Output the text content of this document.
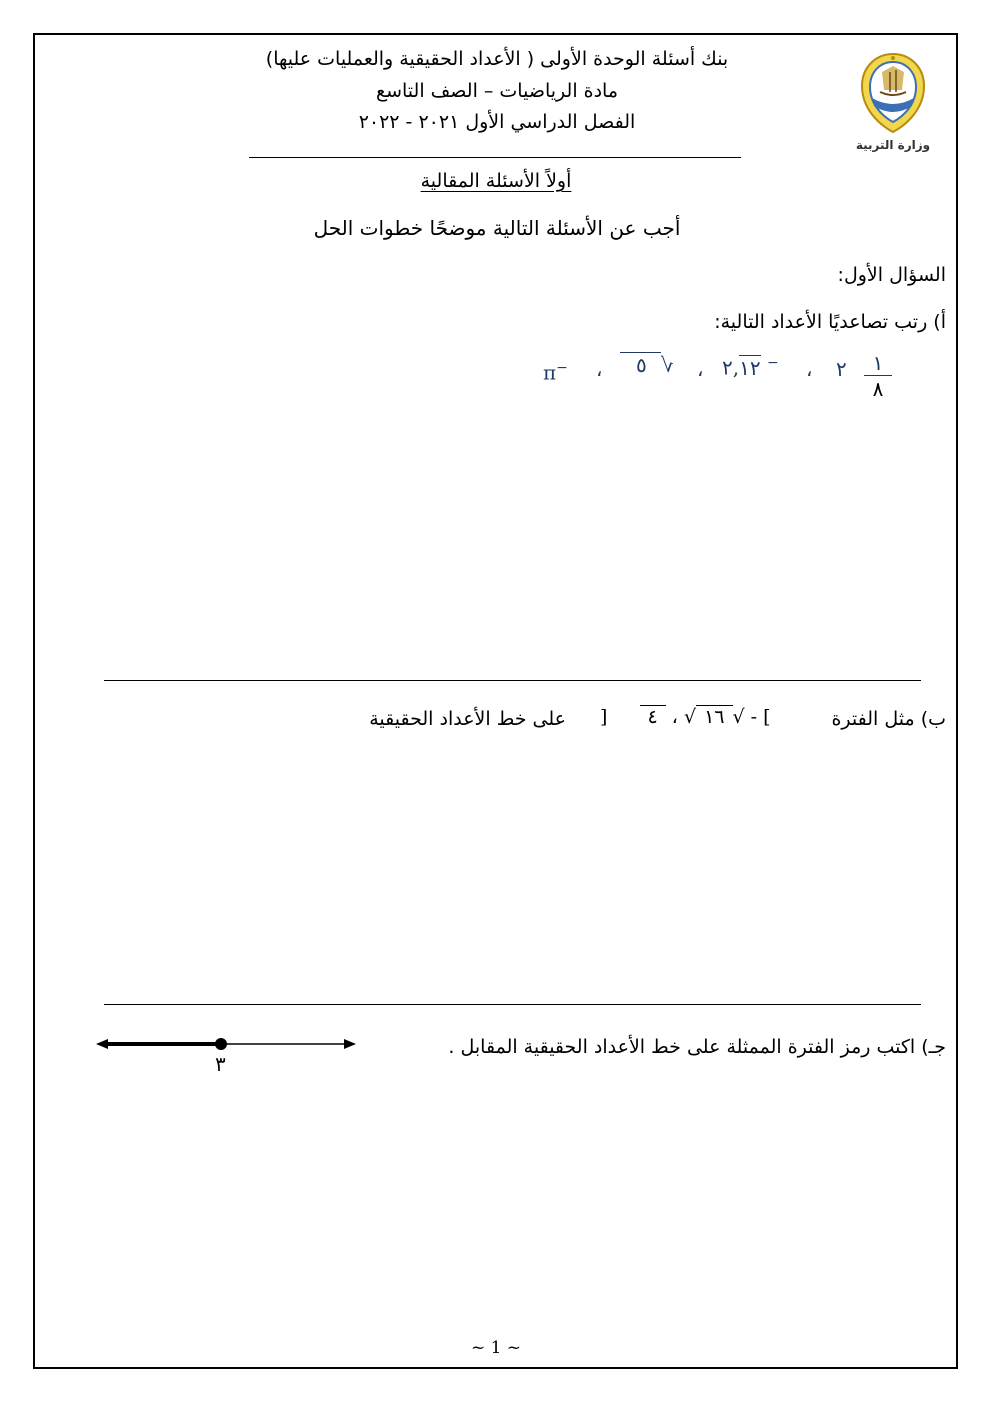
وزارة التربية
بنك أسئلة الوحدة الأولى ( الأعداد الحقيقية والعمليات عليها)
مادة الرياضيات – الصف التاسع
الفصل الدراسي الأول ٢٠٢١ - ٢٠٢٢
أولاً الأسئلة المقالية
أجب عن الأسئلة التالية موضحًا خطوات الحل
السؤال الأول:
أ) رتب تصاعديًا الأعداد التالية:
١
٨
٢
،
٢,١٢ −
،
٥ √
،
π−
ب) مثل الفترة
]	١٦√ ، ٤	√ - [
على خط الأعداد الحقيقية
جـ) اكتب رمز الفترة الممثلة على خط الأعداد الحقيقية المقابل .
٣
~ 1 ~
